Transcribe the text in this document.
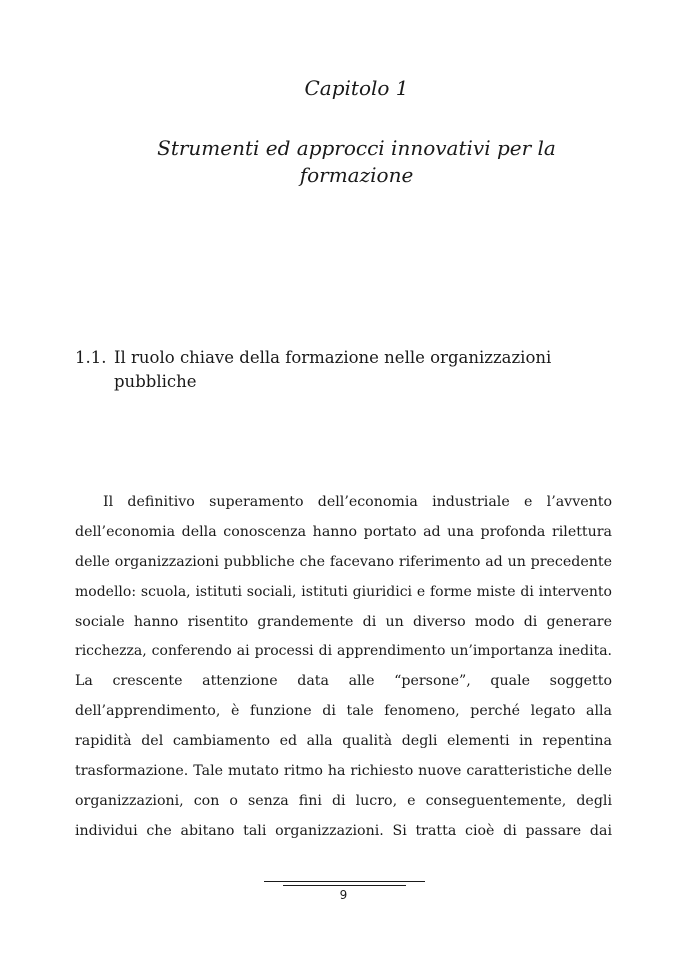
Capitolo 1
Strumenti ed approcci innovativi per la
formazione
1.1. Il ruolo chiave della formazione nelle organizzazioni
pubbliche
Il definitivo superamento dell’economia industriale e l’avvento
dell’economia della conoscenza hanno portato ad una profonda rilettura
delle organizzazioni pubbliche che facevano riferimento ad un precedente
modello: scuola, istituti sociali, istituti giuridici e forme miste di intervento
sociale hanno risentito grandemente di un diverso modo di generare
ricchezza, conferendo ai processi di apprendimento un’importanza inedita.
La crescente attenzione data alle “persone”, quale soggetto
dell’apprendimento, è funzione di tale fenomeno, perché legato alla
rapidità del cambiamento ed alla qualità degli elementi in repentina
trasformazione. Tale mutato ritmo ha richiesto nuove caratteristiche delle
organizzazioni, con o senza fini di lucro, e conseguentemente, degli
individui che abitano tali organizzazioni. Si tratta cioè di passare dai
9
